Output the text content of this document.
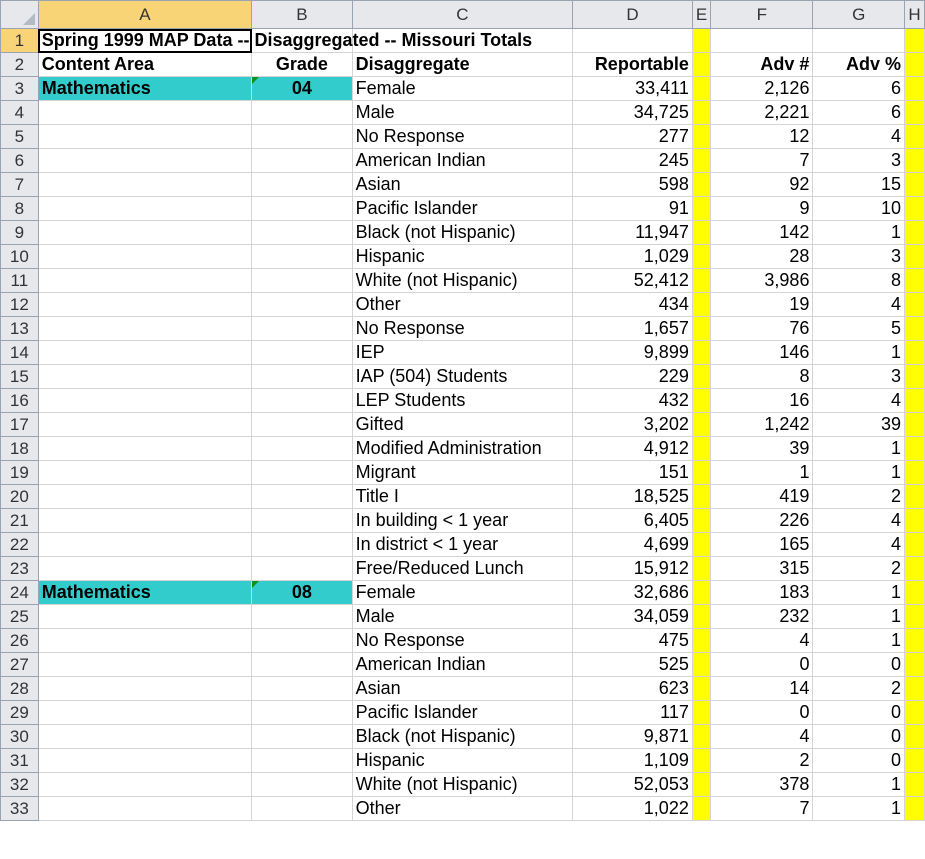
	A	B	C	D	E	F	G	H
1	Spring 1999 MAP Data -- Disaggregated -- Missouri Totals							

2	Content Area	Grade	Disaggregate	Reportable		Adv #	Adv %	
3	Mathematics	04	Female	33,411		2,126	6	
4			Male	34,725		2,221	6	
5			No Response	277		12	4	
6			American Indian	245		7	3	
7			Asian	598		92	15	
8			Pacific Islander	91		9	10	
9			Black (not Hispanic)	11,947		142	1	
10			Hispanic	1,029		28	3	
11			White (not Hispanic)	52,412		3,986	8	
12			Other	434		19	4	
13			No Response	1,657		76	5	
14			IEP	9,899		146	1	
15			IAP (504) Students	229		8	3	
16			LEP Students	432		16	4	
17			Gifted	3,202		1,242	39	
18			Modified Administration	4,912		39	1	
19			Migrant	151		1	1	
20			Title I	18,525		419	2	
21			In building < 1 year	6,405		226	4	
22			In district < 1 year	4,699		165	4	
23			Free/Reduced Lunch	15,912		315	2	
24	Mathematics	08	Female	32,686		183	1	
25			Male	34,059		232	1	
26			No Response	475		4	1	
27			American Indian	525		0	0	
28			Asian	623		14	2	
29			Pacific Islander	117		0	0	
30			Black (not Hispanic)	9,871		4	0	
31			Hispanic	1,109		2	0	
32			White (not Hispanic)	52,053		378	1	
33			Other	1,022		7	1	
